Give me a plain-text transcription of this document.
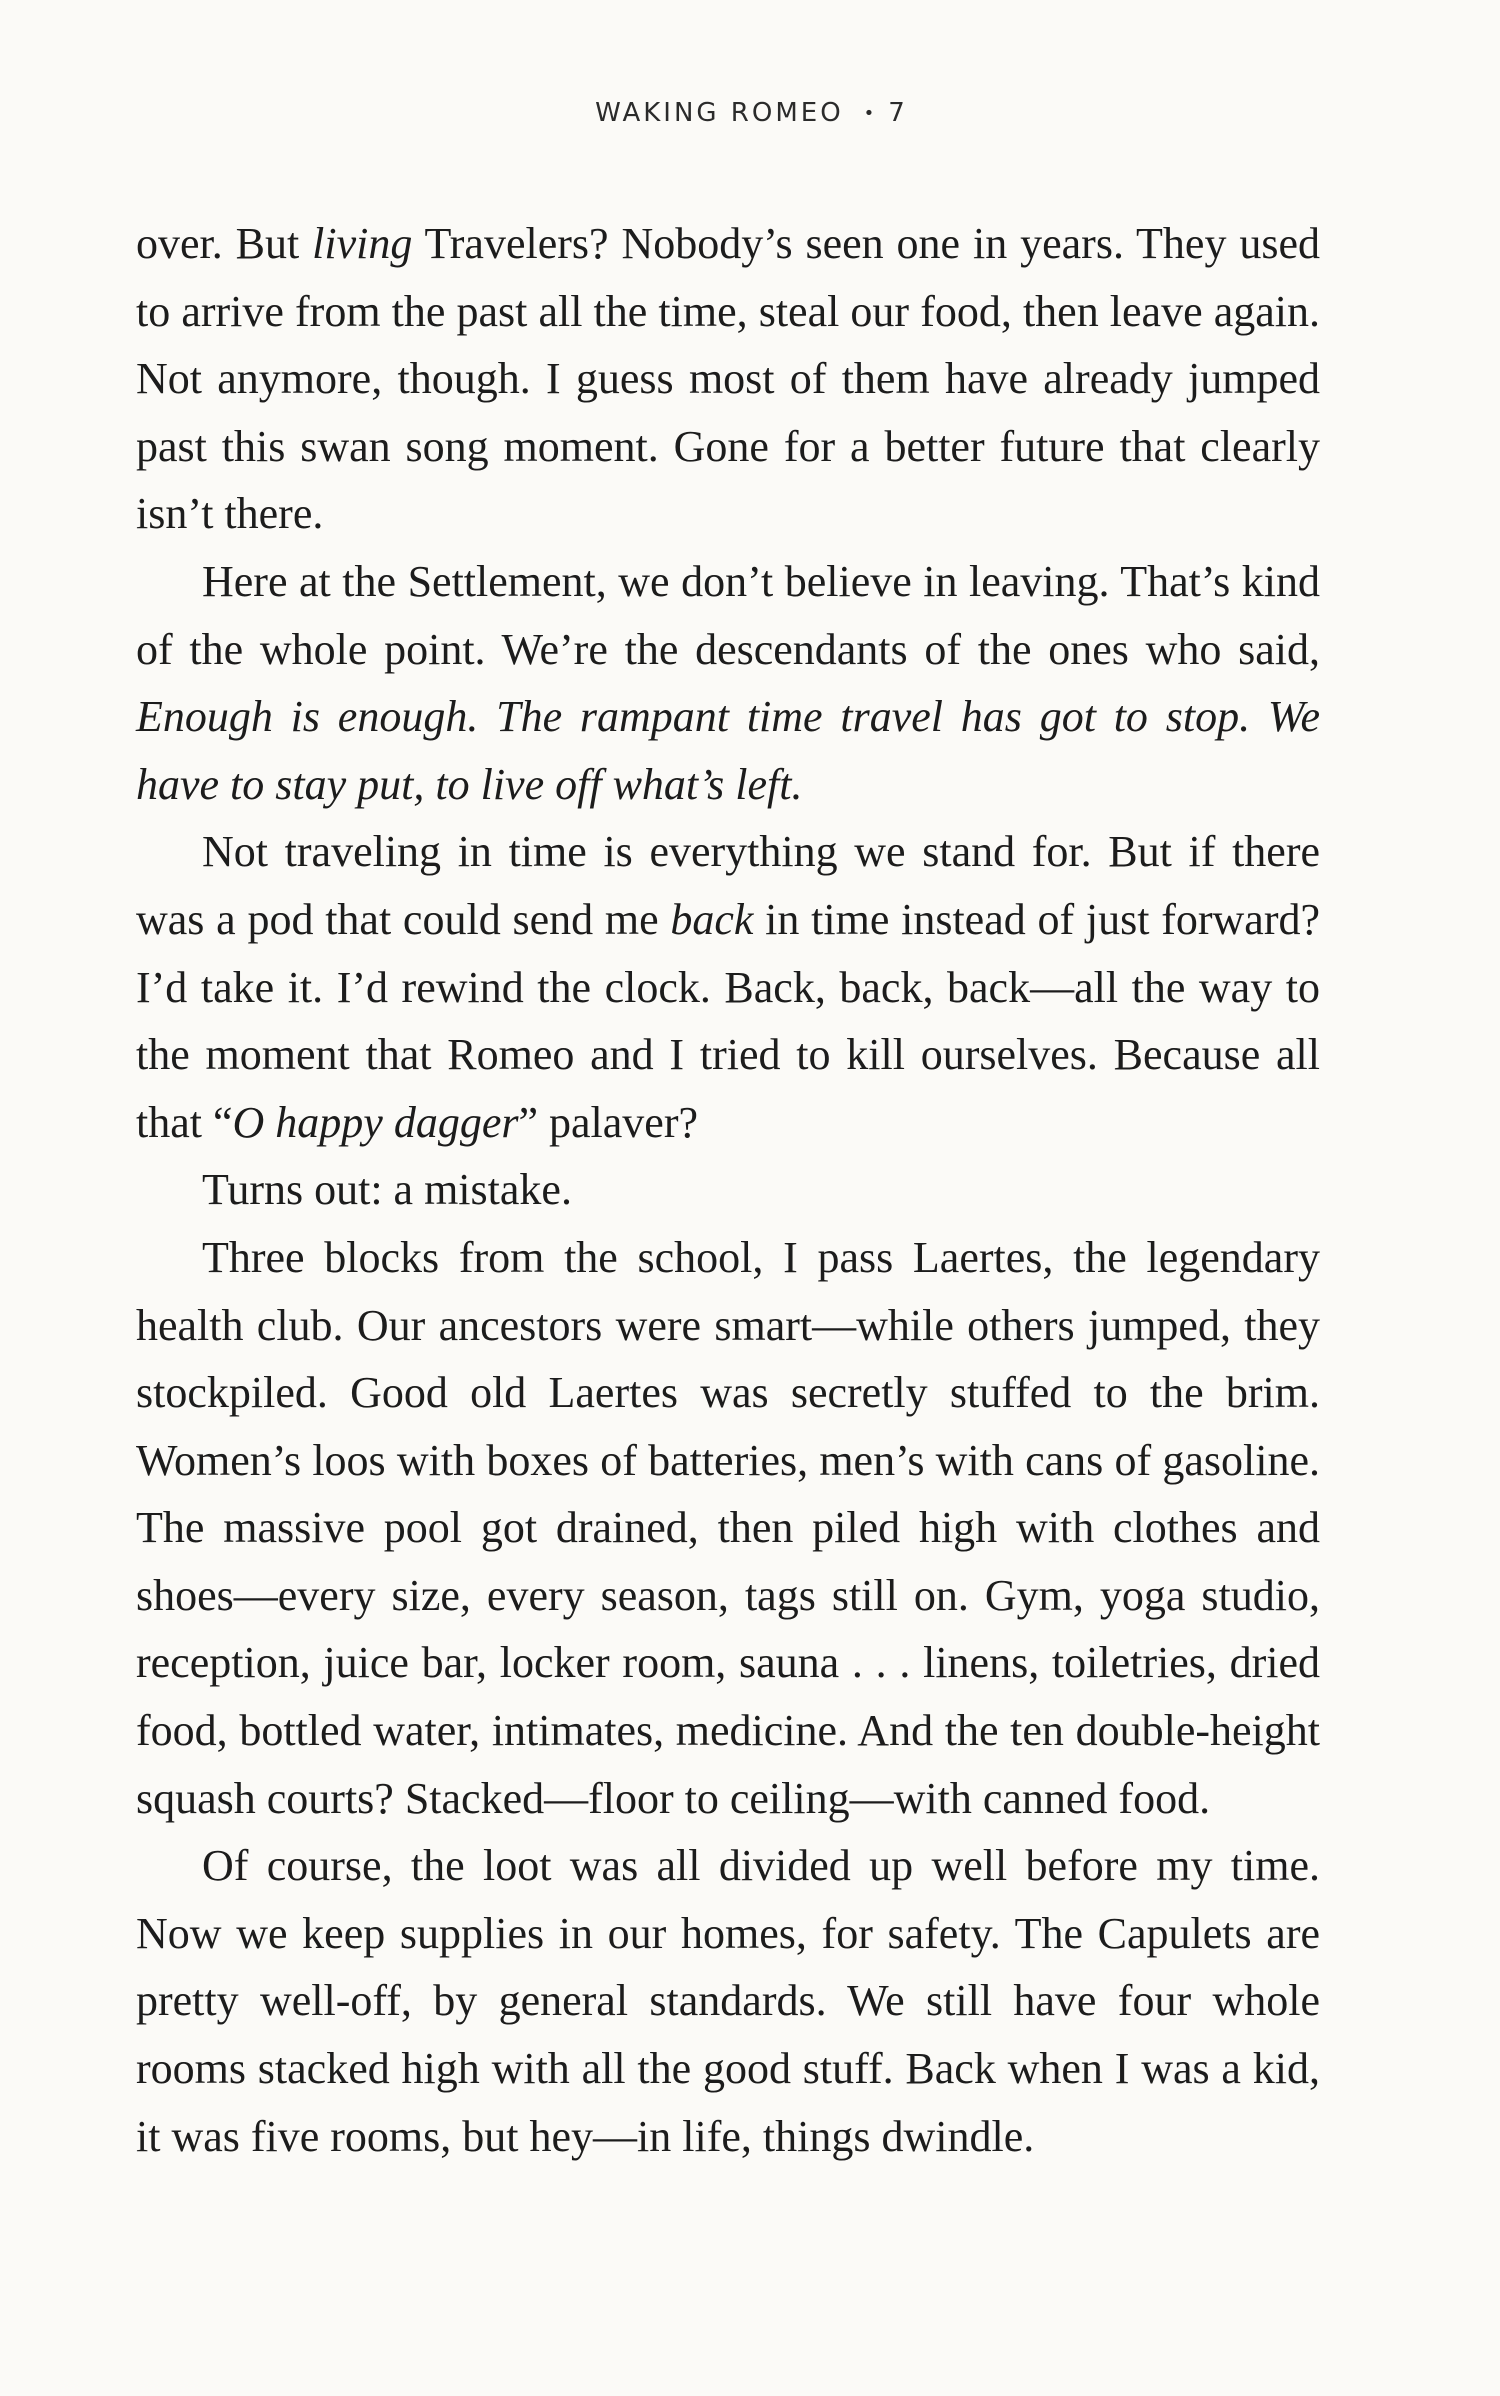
WAKING ROMEO • 7

over. But living Travelers? Nobody’s seen one in years. They used to arrive from the past all the time, steal our food, then leave again. Not anymore, though. I guess most of them have already jumped past this swan song moment. Gone for a better future that clearly isn’t there.

Here at the Settlement, we don’t believe in leaving. That’s kind of the whole point. We’re the descendants of the ones who said, Enough is enough. The rampant time travel has got to stop. We have to stay put, to live off what’s left.

Not traveling in time is everything we stand for. But if there was a pod that could send me back in time instead of just forward? I’d take it. I’d rewind the clock. Back, back, back—all the way to the moment that Romeo and I tried to kill ourselves. Because all that “O happy dagger” palaver?

Turns out: a mistake.

Three blocks from the school, I pass Laertes, the legendary health club. Our ancestors were smart—while others jumped, they stockpiled. Good old Laertes was secretly stuffed to the brim. Women’s loos with boxes of batteries, men’s with cans of gasoline. The massive pool got drained, then piled high with clothes and shoes—every size, every season, tags still on. Gym, yoga studio, reception, juice bar, locker room, sauna . . . linens, toiletries, dried food, bottled water, intimates, medicine. And the ten double-height squash courts? Stacked—floor to ceiling—with canned food.

Of course, the loot was all divided up well before my time. Now we keep supplies in our homes, for safety. The Capulets are pretty well-off, by general standards. We still have four whole rooms stacked high with all the good stuff. Back when I was a kid, it was five rooms, but hey—in life, things dwindle.
